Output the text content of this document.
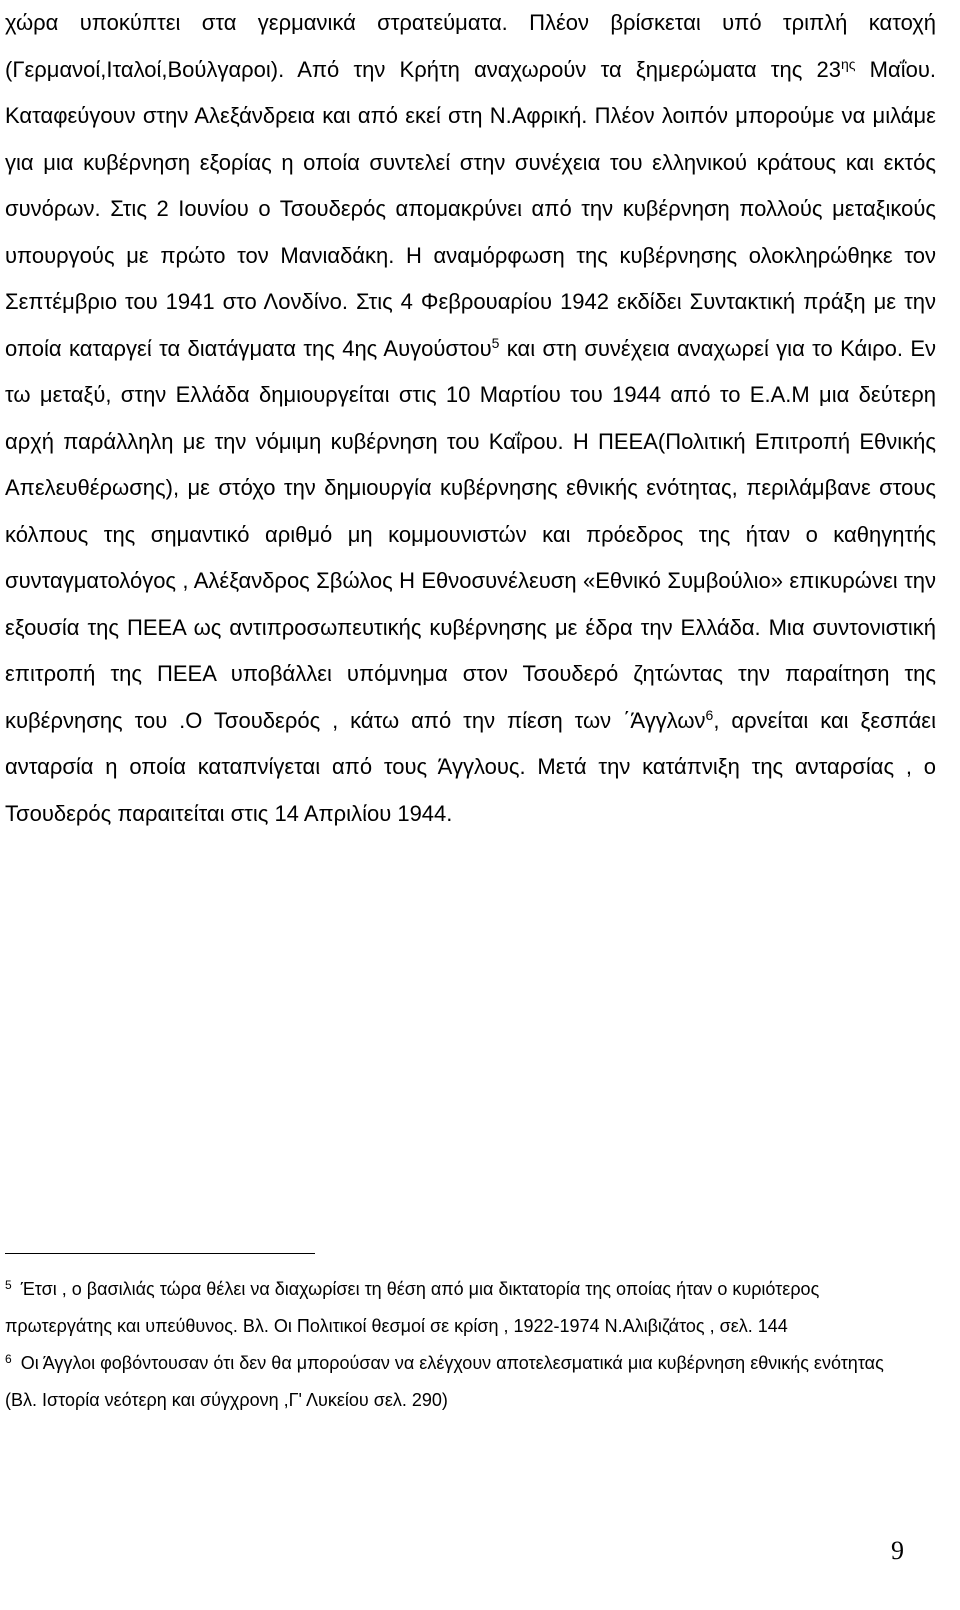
χώρα υποκύπτει στα γερμανικά στρατεύματα. Πλέον βρίσκεται υπό τριπλή κατοχή (Γερμανοί,Ιταλοί,Βούλγαροι). Από την Κρήτη αναχωρούν τα ξημερώματα της $23^{\eta\varsigma}$ Μαΐου. Καταφεύγουν στην Αλεξάνδρεια και από εκεί στη Ν.Αφρική. Πλέον λοιπόν μπορούμε να μιλάμε για μια κυβέρνηση εξορίας η οποία συντελεί στην συνέχεια του ελληνικού κράτους και εκτός συνόρων. Στις 2 Ιουνίου ο Τσουδερός απομακρύνει από την κυβέρνηση πολλούς μεταξικούς υπουργούς με πρώτο τον Μανιαδάκη. Η αναμόρφωση της κυβέρνησης ολοκληρώθηκε τον Σεπτέμβριο του 1941 στο Λονδίνο. Στις 4 Φεβρουαρίου 1942 εκδίδει Συντακτική πράξη με την οποία καταργεί τα διατάγματα της 4ης Αυγούστου$^5$ και στη συνέχεια αναχωρεί για το Κάιρο. Εν τω μεταξύ, στην Ελλάδα δημιουργείται στις 10 Μαρτίου του 1944 από το Ε.Α.Μ μια δεύτερη αρχή παράλληλη με την νόμιμη κυβέρνηση του Καΐρου. Η ΠΕΕΑ(Πολιτική Επιτροπή Εθνικής Απελευθέρωσης), με στόχο την δημιουργία κυβέρνησης εθνικής ενότητας, περιλάμβανε στους κόλπους της σημαντικό αριθμό μη κομμουνιστών και πρόεδρος της ήταν ο καθηγητής συνταγματολόγος , Αλέξανδρος Σβώλος Η Εθνοσυνέλευση «Εθνικό Συμβούλιο» επικυρώνει την εξουσία της ΠΕΕΑ ως αντιπροσωπευτικής κυβέρνησης με έδρα την Ελλάδα. Μια συντονιστική επιτροπή της ΠΕΕΑ υποβάλλει υπόμνημα στον Τσουδερό ζητώντας την παραίτηση της κυβέρνησης του .Ο Τσουδερός , κάτω από την πίεση των ΄Άγγλων$^6$, αρνείται και ξεσπάει ανταρσία η οποία καταπνίγεται από τους Άγγλους. Μετά την κατάπνιξη της ανταρσίας , ο Τσουδερός παραιτείται στις 14 Απριλίου 1944.

$^5$ Έτσι , ο βασιλιάς τώρα θέλει να διαχωρίσει τη θέση από μια δικτατορία της οποίας ήταν ο κυριότερος πρωτεργάτης και υπεύθυνος. Βλ. Οι Πολιτικοί θεσμοί σε κρίση , 1922-1974 Ν.Αλιβιζάτος , σελ. 144

$^6$ Οι Άγγλοι φοβόντουσαν ότι δεν θα μπορούσαν να ελέγχουν αποτελεσματικά μια κυβέρνηση εθνικής ενότητας (Βλ. Ιστορία νεότερη και σύγχρονη ,Γ' Λυκείου σελ. 290)

9
